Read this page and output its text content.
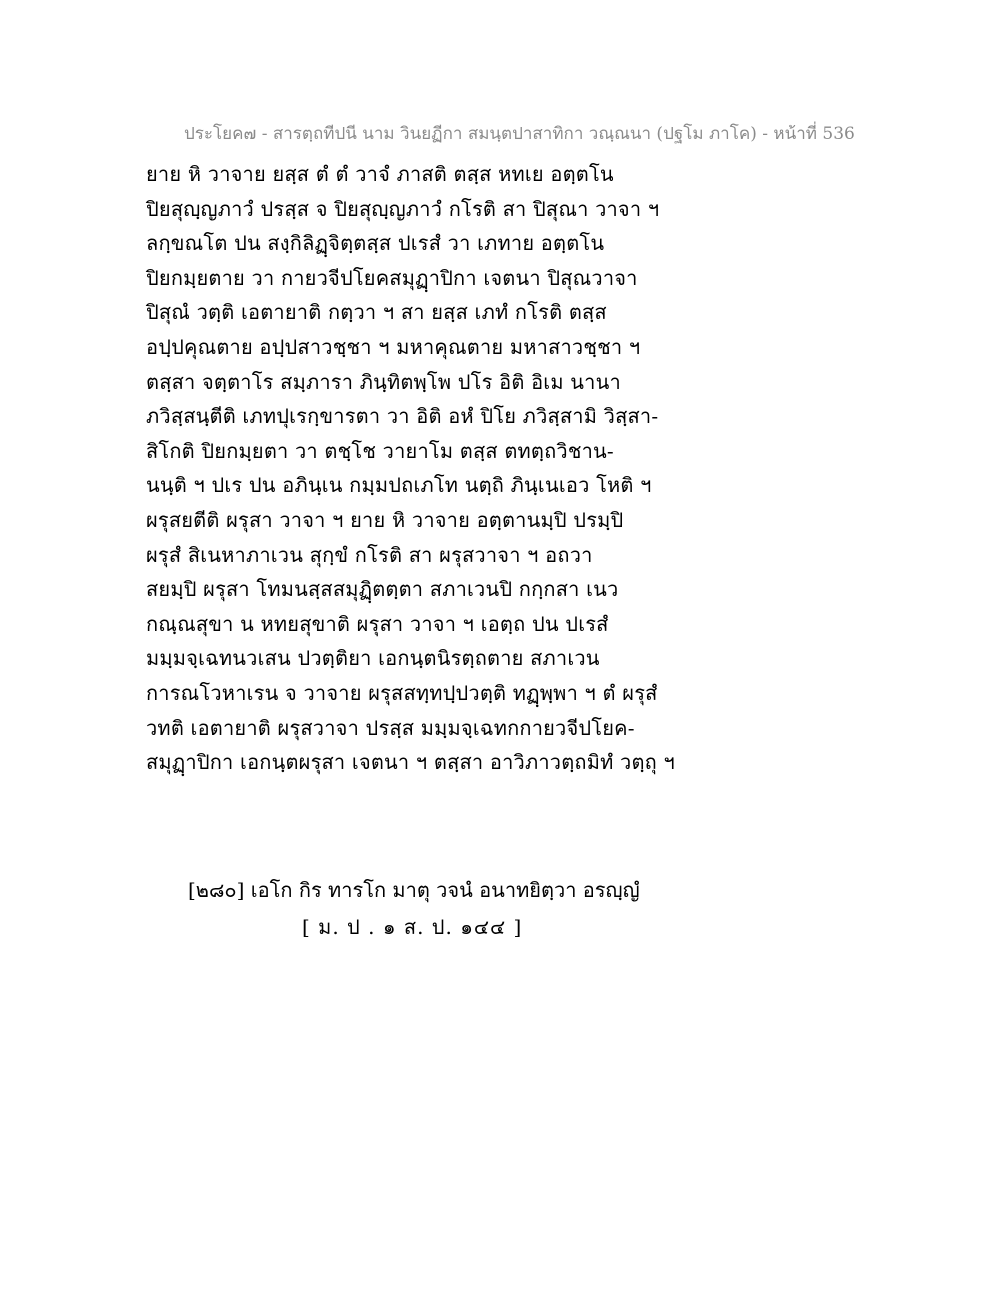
ประโยค๗ - สารตฺถทีปนี นาม วินยฏีกา สมนฺตปาสาทิกา วณฺณนา (ปฐโม ภาโค) - หน้าที่ 536
ยาย หิ วาจาย ยสฺส ตํ ตํ วาจํ ภาสติ ตสฺส หทเย อตฺตโน
ปิยสุญฺญภาวํ ปรสฺส จ ปิยสุญฺญภาวํ กโรติ สา ปิสุณา วาจา ฯ
ลกฺขณโต ปน สงฺกิลิฏฺจิตฺตสฺส ปเรสํ วา เภทาย อตฺตโน
ปิยกมฺยตาย วา กายวจีปโยคสมุฏฺาปิกา เจตนา ปิสุณวาจา
ปิสุณํ วตฺติ เอตายาติ กตฺวา ฯ สา ยสฺส เภทํ กโรติ ตสฺส
อปฺปคุณตาย อปฺปสาวชฺชา ฯ มหาคุณตาย มหาสาวชฺชา ฯ
ตสฺสา จตฺตาโร สมฺภารา ภินฺทิตพฺโพ ปโร อิติ อิเม นานา
ภวิสฺสนฺตีติ เภทปุเรกฺขารตา วา อิติ อหํ ปิโย ภวิสฺสามิ วิสฺสา-
สิโกติ ปิยกมฺยตา วา ตชฺโช วายาโม ตสฺส ตทตฺถวิชาน-
นนฺติ ฯ ปเร ปน อภินฺเน กมฺมปถเภโท นตฺถิ ภินฺเนเอว โหติ ฯ
ผรุสยตีติ ผรุสา วาจา ฯ ยาย หิ วาจาย อตฺตานมฺปิ ปรมฺปิ
ผรุสํ สิเนหาภาเวน สุกฺขํ กโรติ สา ผรุสวาจา ฯ อถวา
สยมฺปิ ผรุสา โทมนสฺสสมุฏฺิตตฺตา สภาเวนปิ กกฺกสา เนว
กณฺณสุขา น หทยสุขาติ ผรุสา วาจา ฯ เอตฺถ ปน ปเรสํ
มมฺมจฺเฉทนวเสน ปวตฺติยา เอกนฺตนิรตฺถตาย สภาเวน
การณโวหาเรน จ วาจาย ผรุสสทฺทปฺปวตฺติ ทฏฺพฺพา ฯ ตํ ผรุสํ
วทติ เอตายาติ ผรุสวาจา ปรสฺส มมฺมจฺเฉทกกายวจีปโยค-
สมุฏฺาปิกา เอกนฺตผรุสา เจตนา ฯ ตสฺสา อาวิภาวตฺถมิทํ วตฺถุ ฯ
[๒๘๐] เอโก กิร ทารโก มาตุ วจนํ อนาทยิตฺวา อรญฺญํ
[ ม. ป . ๑ ส. ป. ๑๔๔ ]
